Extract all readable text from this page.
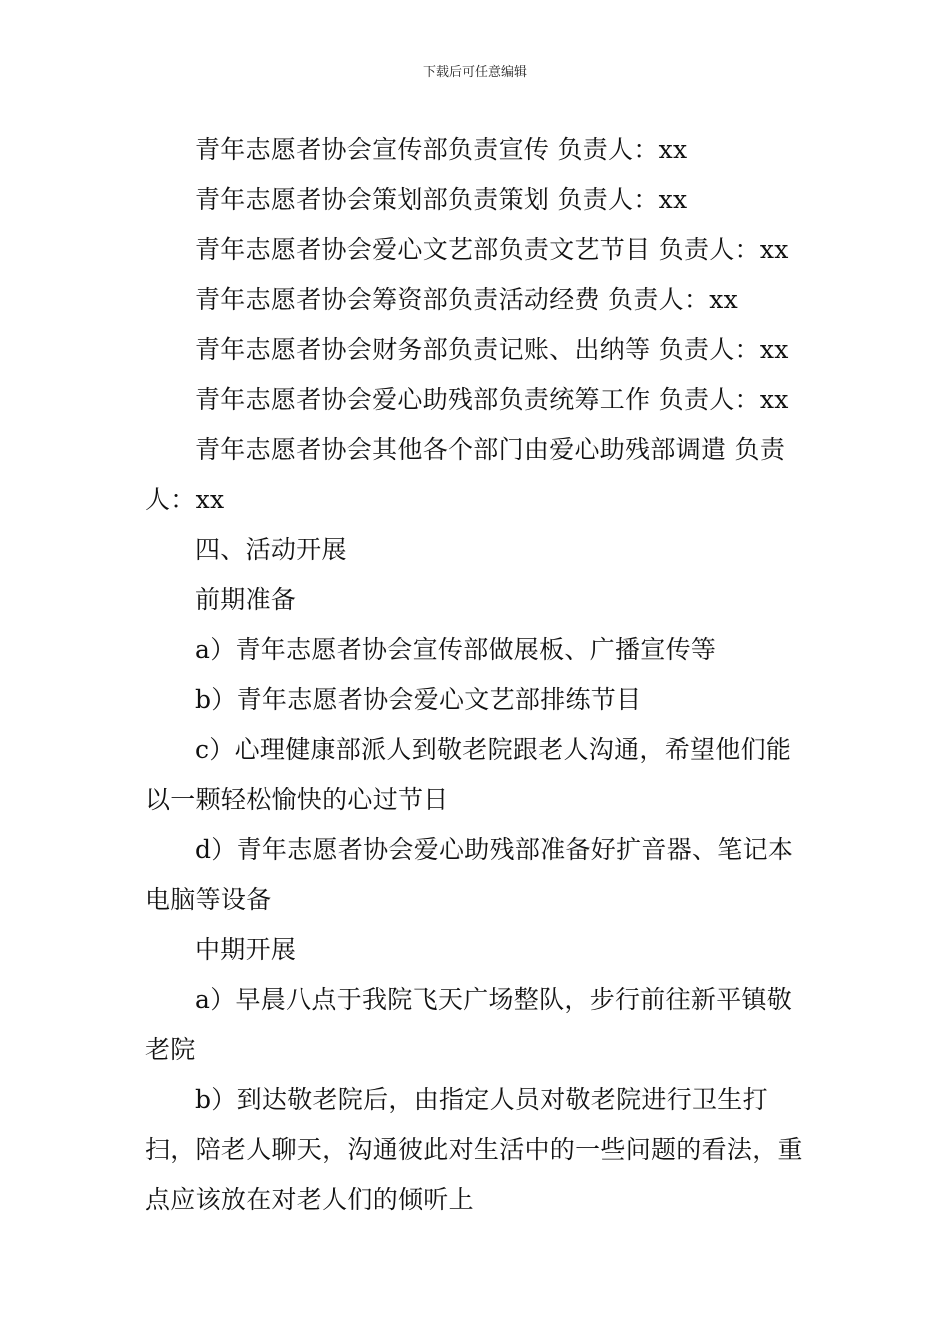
下载后可任意编辑

青年志愿者协会宣传部负责宣传 负责人：xx

青年志愿者协会策划部负责策划 负责人：xx

青年志愿者协会爱心文艺部负责文艺节目 负责人：xx

青年志愿者协会筹资部负责活动经费 负责人：xx

青年志愿者协会财务部负责记账、出纳等 负责人：xx

青年志愿者协会爱心助残部负责统筹工作 负责人：xx

青年志愿者协会其他各个部门由爱心助残部调遣 负责人：xx

四、活动开展

前期准备

a）青年志愿者协会宣传部做展板、广播宣传等

b）青年志愿者协会爱心文艺部排练节目

c）心理健康部派人到敬老院跟老人沟通，希望他们能以一颗轻松愉快的心过节日

d）青年志愿者协会爱心助残部准备好扩音器、笔记本电脑等设备

中期开展

a）早晨八点于我院飞天广场整队，步行前往新平镇敬老院

b）到达敬老院后，由指定人员对敬老院进行卫生打扫，陪老人聊天，沟通彼此对生活中的一些问题的看法，重点应该放在对老人们的倾听上
